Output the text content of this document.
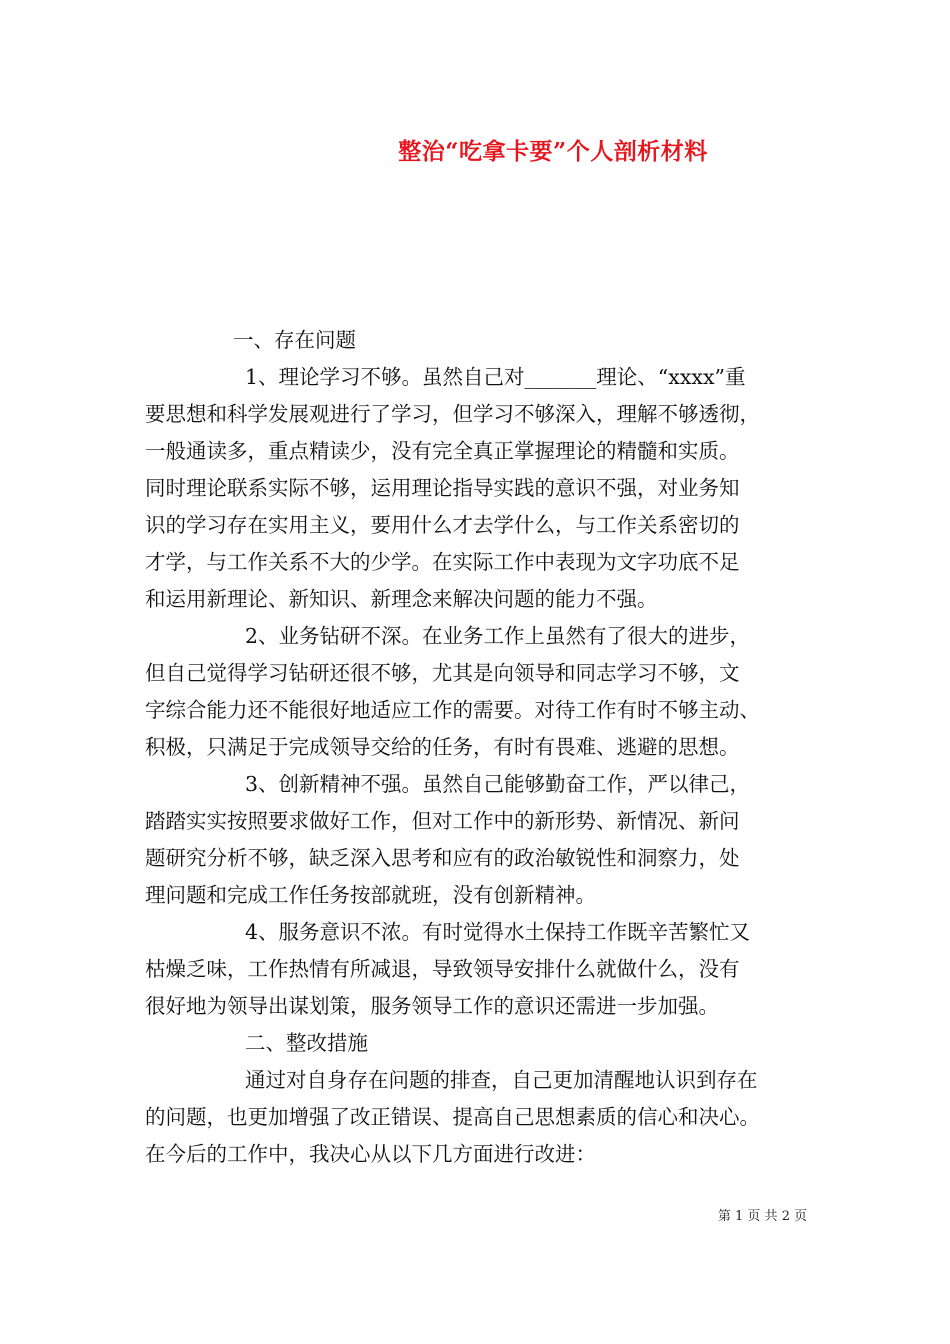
整治“吃拿卡要”个人剖析材料
一、存在问题
1、理论学习不够。虽然自己对_______理论、“xxxx”重
要思想和科学发展观进行了学习，但学习不够深入，理解不够透彻，
一般通读多，重点精读少，没有完全真正掌握理论的精髓和实质。
同时理论联系实际不够，运用理论指导实践的意识不强，对业务知
识的学习存在实用主义，要用什么才去学什么，与工作关系密切的
才学，与工作关系不大的少学。在实际工作中表现为文字功底不足
和运用新理论、新知识、新理念来解决问题的能力不强。
2、业务钻研不深。在业务工作上虽然有了很大的进步，
但自己觉得学习钻研还很不够，尤其是向领导和同志学习不够，文
字综合能力还不能很好地适应工作的需要。对待工作有时不够主动、
积极，只满足于完成领导交给的任务，有时有畏难、逃避的思想。
3、创新精神不强。虽然自己能够勤奋工作，严以律己，
踏踏实实按照要求做好工作，但对工作中的新形势、新情况、新问
题研究分析不够，缺乏深入思考和应有的政治敏锐性和洞察力，处
理问题和完成工作任务按部就班，没有创新精神。
4、服务意识不浓。有时觉得水土保持工作既辛苦繁忙又
枯燥乏味，工作热情有所减退，导致领导安排什么就做什么，没有
很好地为领导出谋划策，服务领导工作的意识还需进一步加强。
二、整改措施
通过对自身存在问题的排查，自己更加清醒地认识到存在
的问题，也更加增强了改正错误、提高自己思想素质的信心和决心。
在今后的工作中，我决心从以下几方面进行改进：
第 1 页 共 2 页
